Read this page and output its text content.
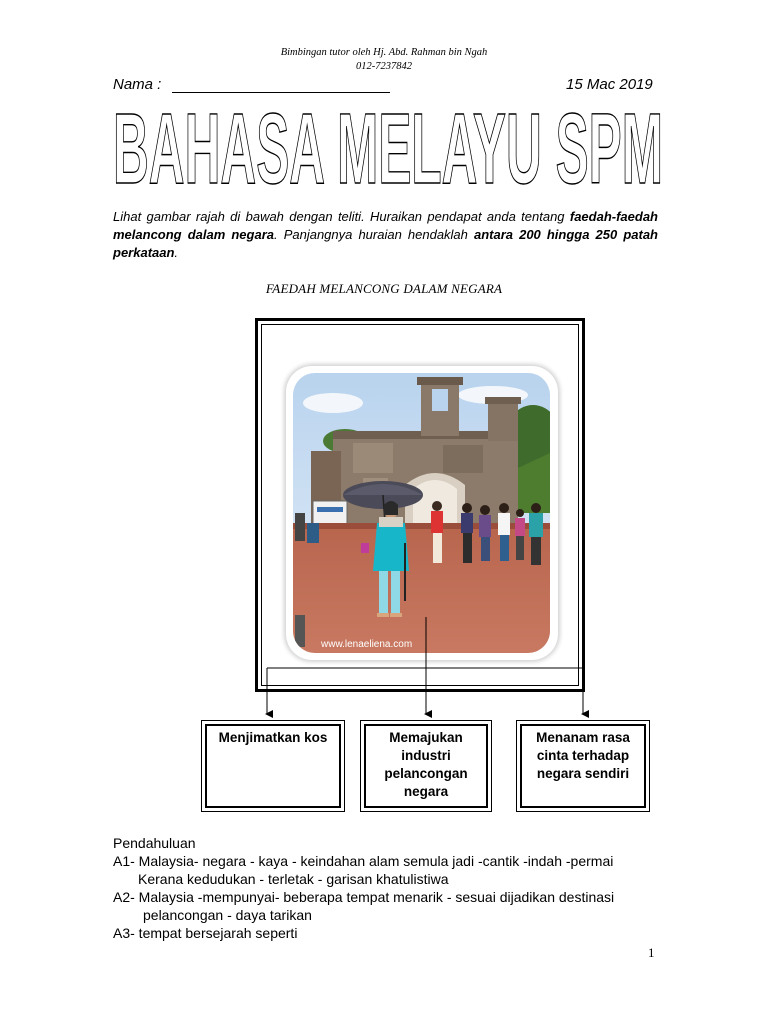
Bimbingan tutor oleh Hj. Abd. Rahman bin Ngah
012-7237842
Nama :	15 Mac 2019
BAHASA MELAYU SPM
Lihat gambar rajah di bawah dengan teliti. Huraikan pendapat anda tentang faedah-faedah melancong dalam negara. Panjangnya huraian hendaklah antara 200 hingga 250 patah perkataan.
FAEDAH MELANCONG DALAM NEGARA
www.lenaeliena.com
Menjimatkan kos	Memajukan industri pelancongan negara
Menanam rasa cinta terhadap negara sendiri
Pendahuluan
A1- Malaysia- negara - kaya - keindahan alam semula jadi -cantik -indah -permai
Kerana kedudukan - terletak - garisan khatulistiwa
A2- Malaysia -mempunyai- beberapa tempat menarik - sesuai dijadikan destinasi
pelancongan - daya tarikan
A3- tempat bersejarah seperti
1
